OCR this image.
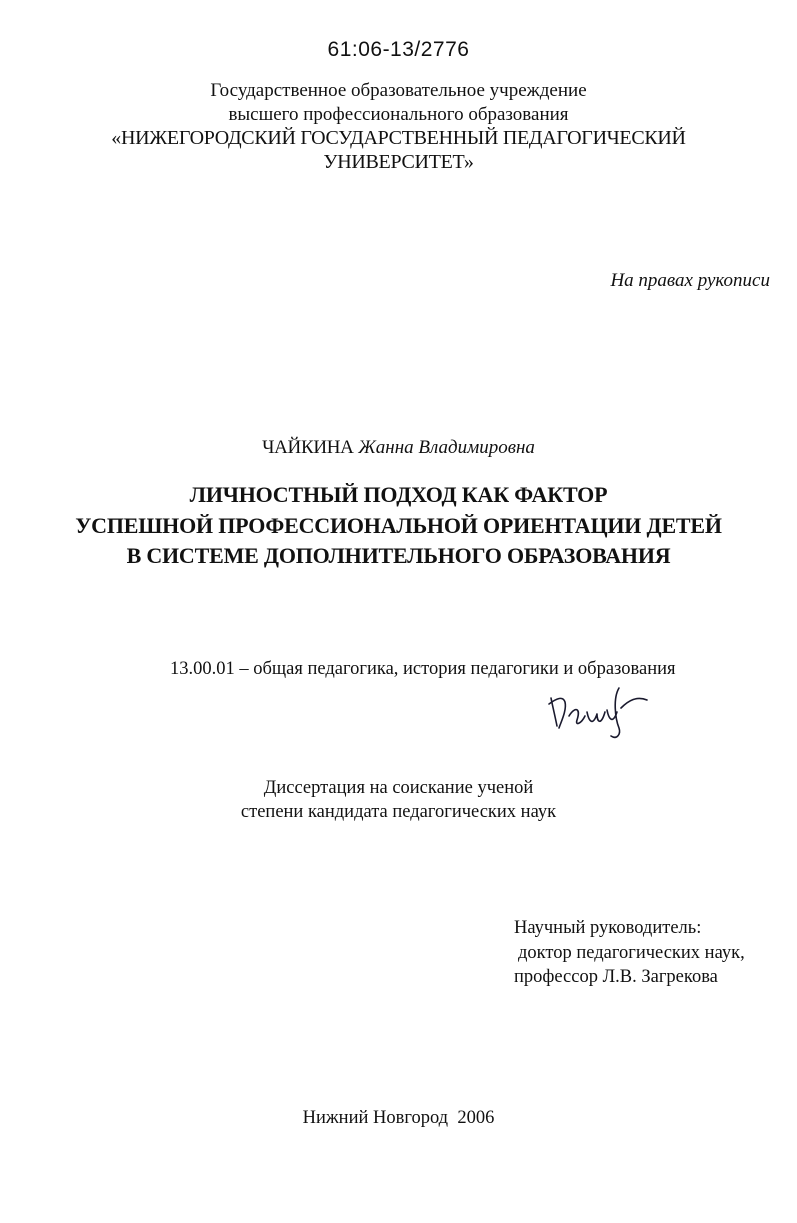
61:06-13/2776
Государственное образовательное учреждение
высшего профессионального образования
«НИЖЕГОРОДСКИЙ ГОСУДАРСТВЕННЫЙ ПЕДАГОГИЧЕСКИЙ
УНИВЕРСИТЕТ»
На правах рукописи
ЧАЙКИНА Жанна Владимировна
ЛИЧНОСТНЫЙ ПОДХОД КАК ФАКТОР
УСПЕШНОЙ ПРОФЕССИОНАЛЬНОЙ ОРИЕНТАЦИИ ДЕТЕЙ
В СИСТЕМЕ ДОПОЛНИТЕЛЬНОГО ОБРАЗОВАНИЯ
13.00.01 – общая педагогика, история педагогики и образования
Диссертация на соискание ученой
степени кандидата педагогических наук
Научный руководитель:
доктор педагогических наук,
профессор Л.В. Загрекова
Нижний Новгород 2006
